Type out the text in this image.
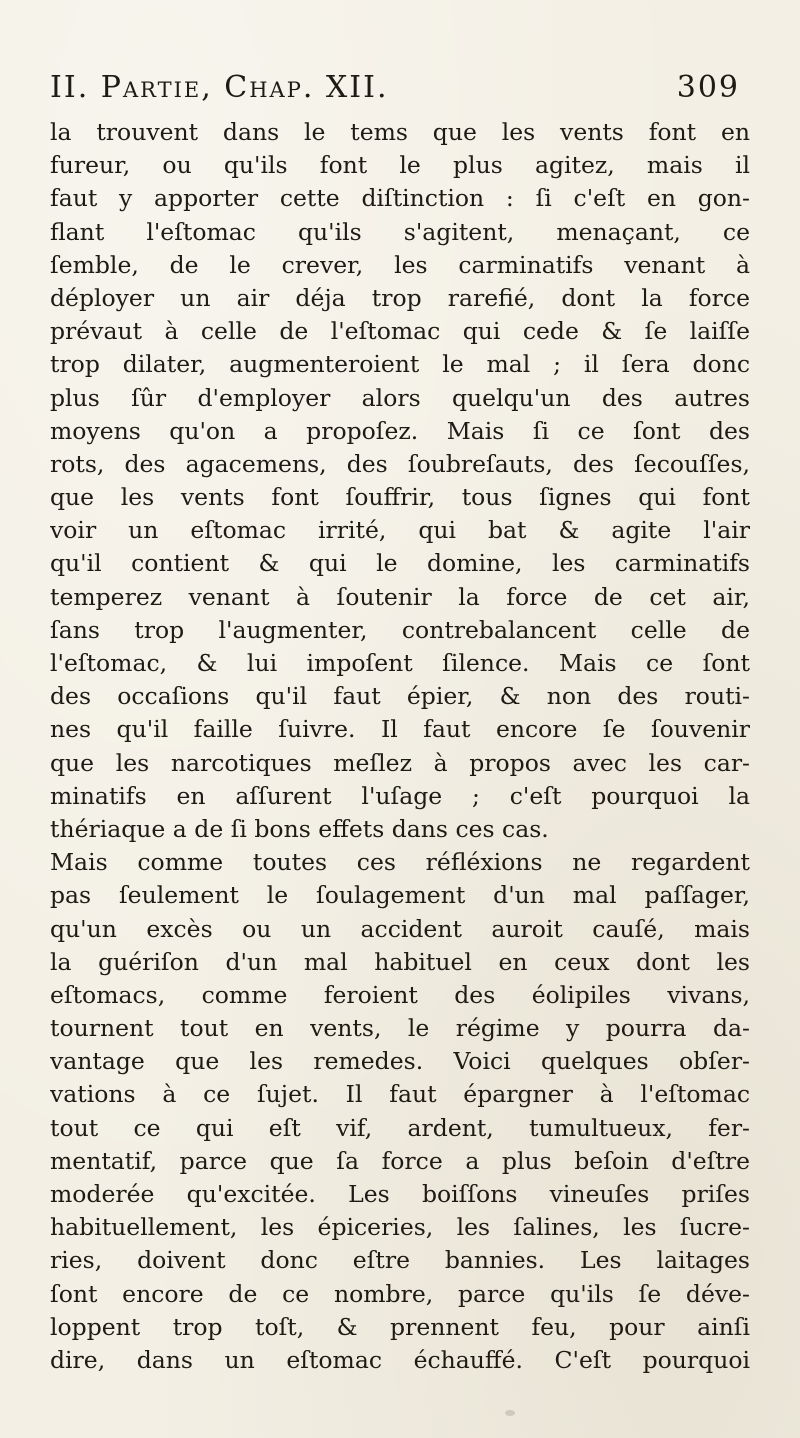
II. Partie, Chap. XII.	309
la trouvent dans le tems que les vents font en
fureur, ou qu'ils font le plus agitez, mais il
faut y apporter cette diſtinction : ſi c'eſt en gon-
flant l'eſtomac qu'ils s'agitent, menaçant, ce
ſemble, de le crever, les carminatifs venant à
déployer un air déja trop rarefié, dont la force
prévaut à celle de l'eſtomac qui cede & ſe laiſſe
trop dilater, augmenteroient le mal ; il ſera donc
plus ſûr d'employer alors quelqu'un des autres
moyens qu'on a propoſez. Mais ſi ce ſont des
rots, des agacemens, des ſoubreſauts, des ſecouſſes,
que les vents font ſouffrir, tous ſignes qui font
voir un eſtomac irrité, qui bat & agite l'air
qu'il contient & qui le domine, les carminatifs
temperez venant à ſoutenir la force de cet air,
ſans trop l'augmenter, contrebalancent celle de
l'eſtomac, & lui impoſent ſilence. Mais ce ſont
des occaſions qu'il faut épier, & non des routi-
nes qu'il faille ſuivre. Il faut encore ſe ſouvenir
que les narcotiques meſlez à propos avec les car-
minatifs en aſſurent l'uſage ; c'eſt pourquoi la
thériaque a de ſi bons effets dans ces cas.
Mais comme toutes ces réfléxions ne regardent
pas ſeulement le ſoulagement d'un mal paſſager,
qu'un excès ou un accident auroit cauſé, mais
la guériſon d'un mal habituel en ceux dont les
eſtomacs, comme feroient des éolipiles vivans,
tournent tout en vents, le régime y pourra da-
vantage que les remedes. Voici quelques obſer-
vations à ce ſujet. Il faut épargner à l'eſtomac
tout ce qui eſt vif, ardent, tumultueux, fer-
mentatif, parce que ſa force a plus beſoin d'eſtre
moderée qu'excitée. Les boiſſons vineuſes priſes
habituellement, les épiceries, les ſalines, les ſucre-
ries, doivent donc eſtre bannies. Les laitages
ſont encore de ce nombre, parce qu'ils ſe déve-
loppent trop toſt, & prennent feu, pour ainſi
dire, dans un eſtomac échauffé. C'eſt pourquoi
